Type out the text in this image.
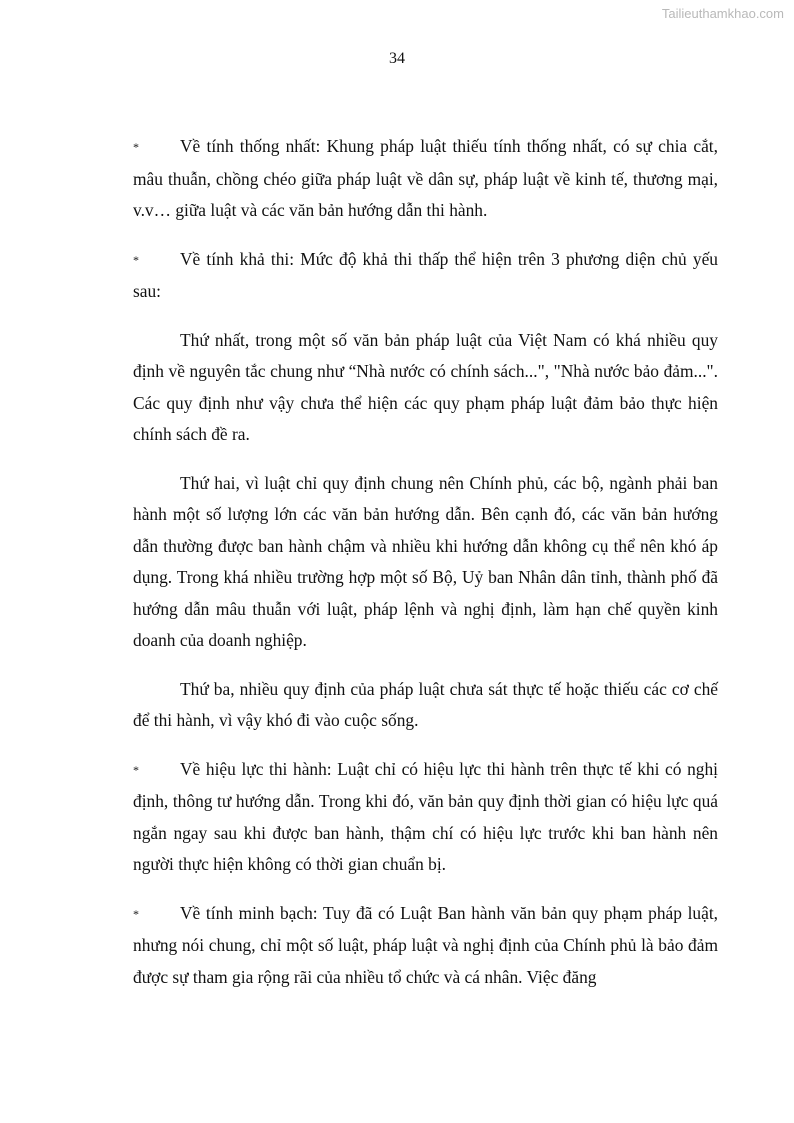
Tailieuthamkhao.com
34

* Về tính thống nhất: Khung pháp luật thiếu tính thống nhất, có sự chia cắt, mâu thuẫn, chồng chéo giữa pháp luật về dân sự, pháp luật về kinh tế, thương mại, v.v… giữa luật và các văn bản hướng dẫn thi hành.

* Về tính khả thi: Mức độ khả thi thấp thể hiện trên 3 phương diện chủ yếu sau:

Thứ nhất, trong một số văn bản pháp luật của Việt Nam có khá nhiều quy định về nguyên tắc chung như “Nhà nước có chính sách...", "Nhà nước bảo đảm...". Các quy định như vậy chưa thể hiện các quy phạm pháp luật đảm bảo thực hiện chính sách đề ra.

Thứ hai, vì luật chỉ quy định chung nên Chính phủ, các bộ, ngành phải ban hành một số lượng lớn các văn bản hướng dẫn. Bên cạnh đó, các văn bản hướng dẫn thường được ban hành chậm và nhiều khi hướng dẫn không cụ thể nên khó áp dụng. Trong khá nhiều trường hợp một số Bộ, Uỷ ban Nhân dân tỉnh, thành phố đã hướng dẫn mâu thuẫn với luật, pháp lệnh và nghị định, làm hạn chế quyền kinh doanh của doanh nghiệp.

Thứ ba, nhiều quy định của pháp luật chưa sát thực tế hoặc thiếu các cơ chế để thi hành, vì vậy khó đi vào cuộc sống.

* Về hiệu lực thi hành: Luật chỉ có hiệu lực thi hành trên thực tế khi có nghị định, thông tư hướng dẫn. Trong khi đó, văn bản quy định thời gian có hiệu lực quá ngắn ngay sau khi được ban hành, thậm chí có hiệu lực trước khi ban hành nên người thực hiện không có thời gian chuẩn bị.

* Về tính minh bạch: Tuy đã có Luật Ban hành văn bản quy phạm pháp luật, nhưng nói chung, chỉ một số luật, pháp luật và nghị định của Chính phủ là bảo đảm được sự tham gia rộng rãi của nhiều tổ chức và cá nhân. Việc đăng
